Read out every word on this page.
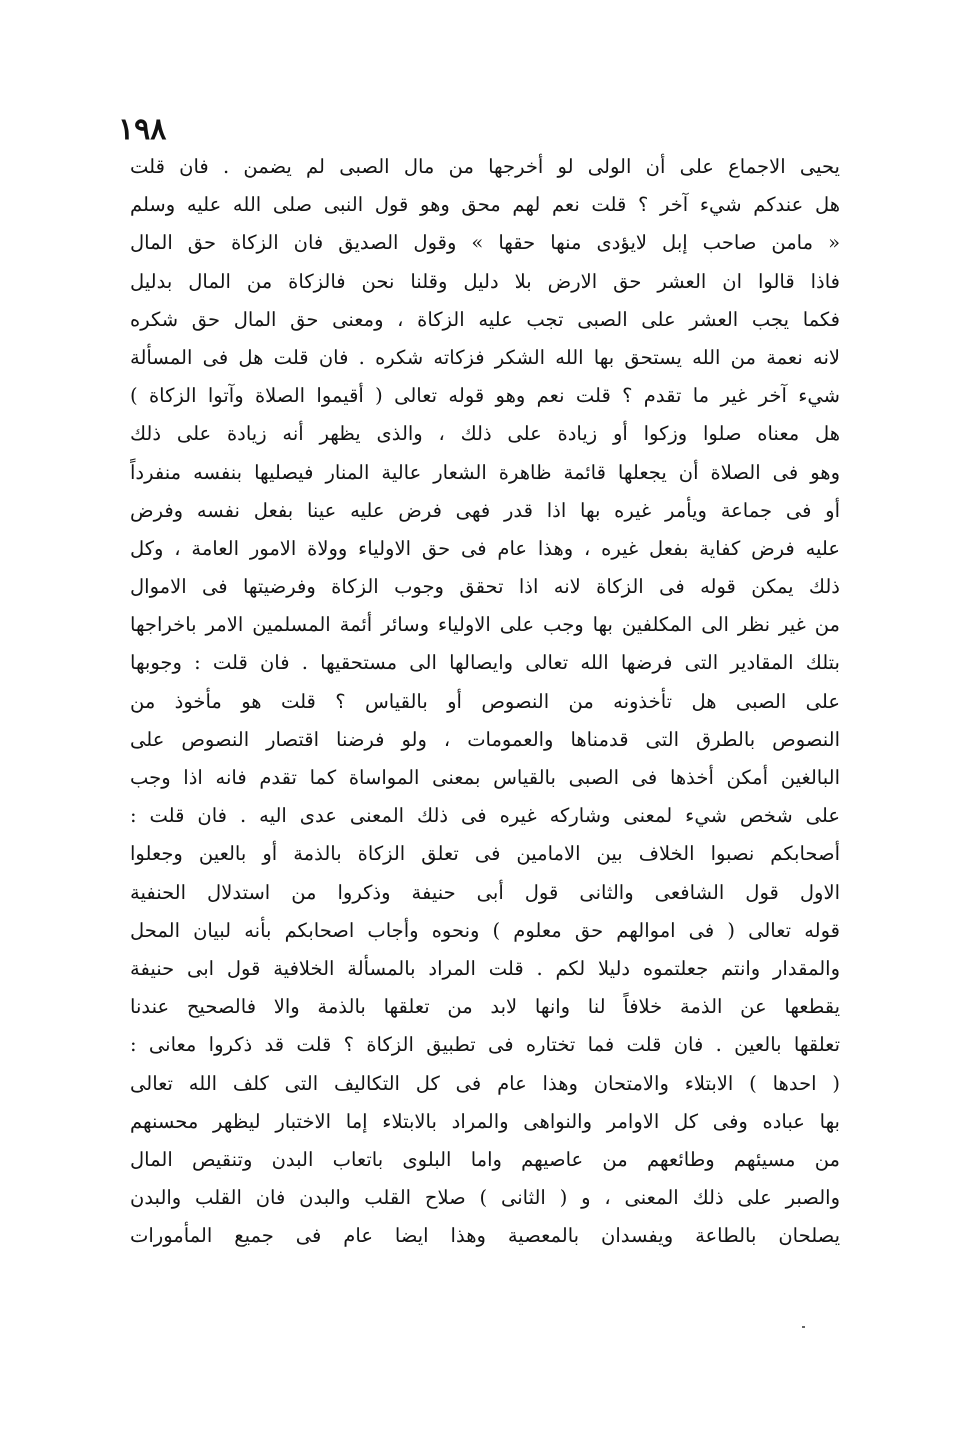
١٩٨
يحيى الاجماع على أن الولى لو أخرجها من مال الصبى لم يضمن . فان قلت
هل عندكم شيء آخر ؟ قلت نعم لهم محق وهو قول النبى صلى الله عليه وسلم
« مامن صاحب إبل لايؤدى منها حقها » وقول الصديق فان الزكاة حق المال
فاذا قالوا ان العشر حق الارض بلا دليل وقلنا نحن فالزكاة من المال بدليل
فكما يجب العشر على الصبى تجب عليه الزكاة ، ومعنى حق المال حق شكره
لانه نعمة من الله يستحق بها الله الشكر فزكاته شكره . فان قلت هل فى المسألة
شيء آخر غير ما تقدم ؟ قلت نعم وهو قوله تعالى ( أقيموا الصلاة وآتوا الزكاة )
هل معناه صلوا وزكوا أو زيادة على ذلك ، والذى يظهر أنه زيادة على ذلك
وهو فى الصلاة أن يجعلها قائمة ظاهرة الشعار عالية المنار فيصليها بنفسه منفرداً
أو فى جماعة ويأمر غيره بها اذا قدر فهى فرض عليه عينا بفعل نفسه وفرض
عليه فرض كفاية بفعل غيره ، وهذا عام فى حق الاولياء وولاة الامور العامة ، وكل
ذلك يمكن قوله فى الزكاة لانه اذا تحقق وجوب الزكاة وفرضيتها فى الاموال
من غير نظر الى المكلفين بها وجب على الاولياء وسائر أئمة المسلمين الامر باخراجها
بتلك المقادير التى فرضها الله تعالى وايصالها الى مستحقيها . فان قلت : وجوبها
على الصبى هل تأخذونه من النصوص أو بالقياس ؟ قلت هو مأخوذ من
النصوص بالطرق التى قدمناها والعمومات ، ولو فرضنا اقتصار النصوص على
البالغين أمكن أخذها فى الصبى بالقياس بمعنى المواساة كما تقدم فانه اذا وجب
على شخص شيء لمعنى وشاركه غيره فى ذلك المعنى عدى اليه . فان قلت :
أصحابكم نصبوا الخلاف بين الامامين فى تعلق الزكاة بالذمة أو بالعين وجعلوا
الاول قول الشافعى والثانى قول أبى حنيفة وذكروا من استدلال الحنفية
قوله تعالى ( فى اموالهم حق معلوم ) ونحوه وأجاب اصحابكم بأنه لبيان المحل
والمقدار وانتم جعلتموه دليلا لكم . قلت المراد بالمسألة الخلافية قول ابى حنيفة
يقطعها عن الذمة خلافاً لنا وانها لابد من تعلقها بالذمة والا فالصحيح عندنا
تعلقها بالعين . فان قلت فما تختاره فى تطبيق الزكاة ؟ قلت قد ذكروا معانى :
( احدها ) الابتلاء والامتحان وهذا عام فى كل التكاليف التى كلف الله تعالى
بها عباده وفى كل الاوامر والنواهى والمراد بالابتلاء إما الاختبار ليظهر محسنهم
من مسيئهم وطائعهم من عاصيهم واما البلوى باتعاب البدن وتنقيص المال
والصبر على ذلك المعنى ، و ( الثانى ) صلاح القلب والبدن فان القلب والبدن
يصلحان بالطاعة ويفسدان بالمعصية وهذا ايضا عام فى جميع المأمورات
